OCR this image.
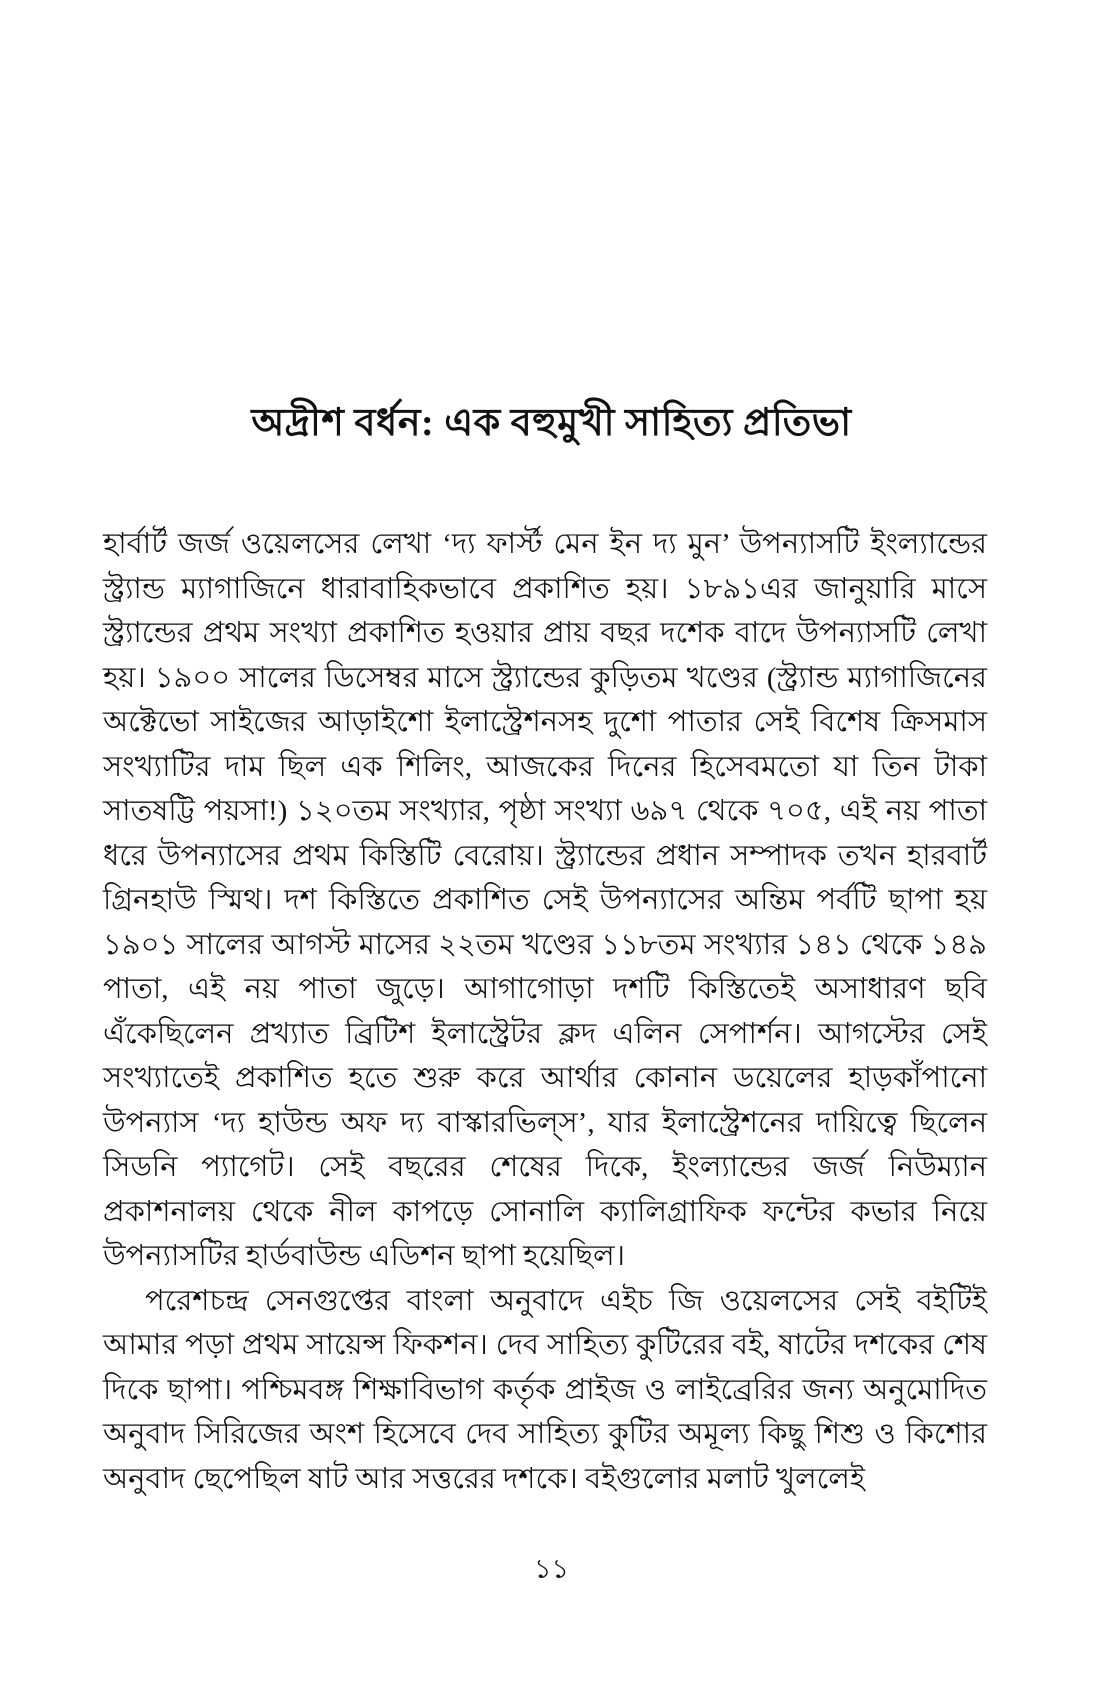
অদ্রীশ বর্ধন: এক বহুমুখী সাহিত্য প্রতিভা

হার্বার্ট জর্জ ওয়েলসের লেখা ‘দ্য ফার্স্ট মেন ইন দ্য মুন’ উপন্যাসটি ইংল্যান্ডের স্ট্র্যান্ড ম্যাগাজিনে ধারাবাহিকভাবে প্রকাশিত হয়। ১৮৯১এর জানুয়ারি মাসে স্ট্র্যান্ডের প্রথম সংখ্যা প্রকাশিত হওয়ার প্রায় বছর দশেক বাদে উপন্যাসটি লেখা হয়। ১৯০০ সালের ডিসেম্বর মাসে স্ট্র্যান্ডের কুড়িতম খণ্ডের (স্ট্র্যান্ড ম্যাগাজিনের অক্টেভো সাইজের আড়াইশো ইলাস্ট্রেশনসহ দুশো পাতার সেই বিশেষ ক্রিসমাস সংখ্যাটির দাম ছিল এক শিলিং, আজকের দিনের হিসেবমতো যা তিন টাকা সাতষট্টি পয়সা!) ১২০তম সংখ্যার, পৃষ্ঠা সংখ্যা ৬৯৭ থেকে ৭০৫, এই নয় পাতা ধরে উপন্যাসের প্রথম কিস্তিটি বেরোয়। স্ট্র্যান্ডের প্রধান সম্পাদক তখন হারবার্ট গ্রিনহাউ স্মিথ। দশ কিস্তিতে প্রকাশিত সেই উপন্যাসের অন্তিম পর্বটি ছাপা হয় ১৯০১ সালের আগস্ট মাসের ২২তম খণ্ডের ১১৮তম সংখ্যার ১৪১ থেকে ১৪৯ পাতা, এই নয় পাতা জুড়ে। আগাগোড়া দশটি কিস্তিতেই অসাধারণ ছবি এঁকেছিলেন প্রখ্যাত ব্রিটিশ ইলাস্ট্রেটর ক্লদ এলিন সেপার্শন। আগস্টের সেই সংখ্যাতেই প্রকাশিত হতে শুরু করে আর্থার কোনান ডয়েলের হাড়কাঁপানো উপন্যাস ‘দ্য হাউন্ড অফ দ্য বাস্কারভিল্স’, যার ইলাস্ট্রেশনের দায়িত্বে ছিলেন সিডনি প্যাগেট। সেই বছরের শেষের দিকে, ইংল্যান্ডের জর্জ নিউম্যান প্রকাশনালয় থেকে নীল কাপড়ে সোনালি ক্যালিগ্রাফিক ফন্টের কভার নিয়ে উপন্যাসটির হার্ডবাউন্ড এডিশন ছাপা হয়েছিল।

পরেশচন্দ্র সেনগুপ্তের বাংলা অনুবাদে এইচ জি ওয়েলসের সেই বইটিই আমার পড়া প্রথম সায়েন্স ফিকশন। দেব সাহিত্য কুটিরের বই, ষাটের দশকের শেষ দিকে ছাপা। পশ্চিমবঙ্গ শিক্ষাবিভাগ কর্তৃক প্রাইজ ও লাইব্রেরির জন্য অনুমোদিত অনুবাদ সিরিজের অংশ হিসেবে দেব সাহিত্য কুটির অমূল্য কিছু শিশু ও কিশোর অনুবাদ ছেপেছিল ষাট আর সত্তরের দশকে। বইগুলোর মলাট খুললেই

১১
